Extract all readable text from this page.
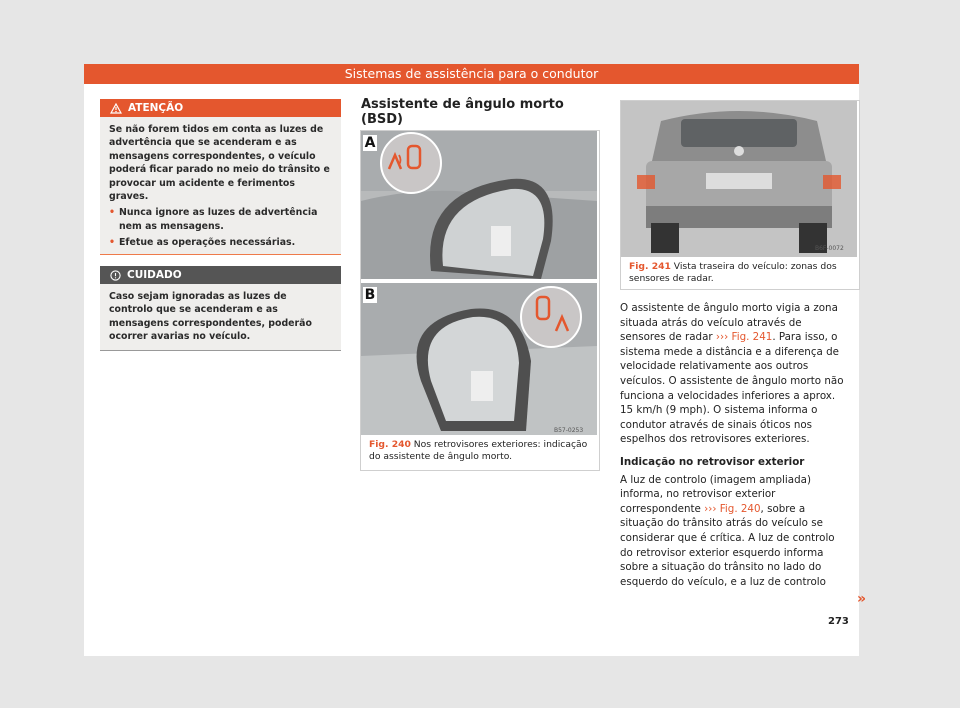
Sistemas de assistência para o condutor
ATENÇÃO

Se não forem tidos em conta as luzes de advertência que se acenderam e as mensagens correspondentes, o veículo poderá ficar parado no meio do trânsito e provocar um acidente e ferimentos graves.

• Nunca ignore as luzes de advertência nem as mensagens.
• Efetue as operações necessárias.
CUIDADO

Caso sejam ignoradas as luzes de controlo que se acenderam e as mensagens correspondentes, poderão ocorrer avarias no veículo.

Assistente de ângulo morto (BSD)
A
B
B57-0253
Fig. 240 Nos retrovisores exteriores: indicação do assistente de ângulo morto.
B6F-0072
Fig. 241 Vista traseira do veículo: zonas dos sensores de radar.

O assistente de ângulo morto vigia a zona situada atrás do veículo através de sensores de radar ››› Fig. 241. Para isso, o sistema mede a distância e a diferença de velocidade relativamente aos outros veículos. O assistente de ângulo morto não funciona a velocidades inferiores a aprox. 15 km/h (9 mph). O sistema informa o condutor através de sinais óticos nos espelhos dos retrovisores exteriores.

Indicação no retrovisor exterior

A luz de controlo (imagem ampliada) informa, no retrovisor exterior correspondente ››› Fig. 240, sobre a situação do trânsito atrás do veículo se considerar que é crítica. A luz de controlo do retrovisor exterior esquerdo informa sobre a situação do trânsito no lado do esquerdo do veículo, e a luz de controlo

»
273
